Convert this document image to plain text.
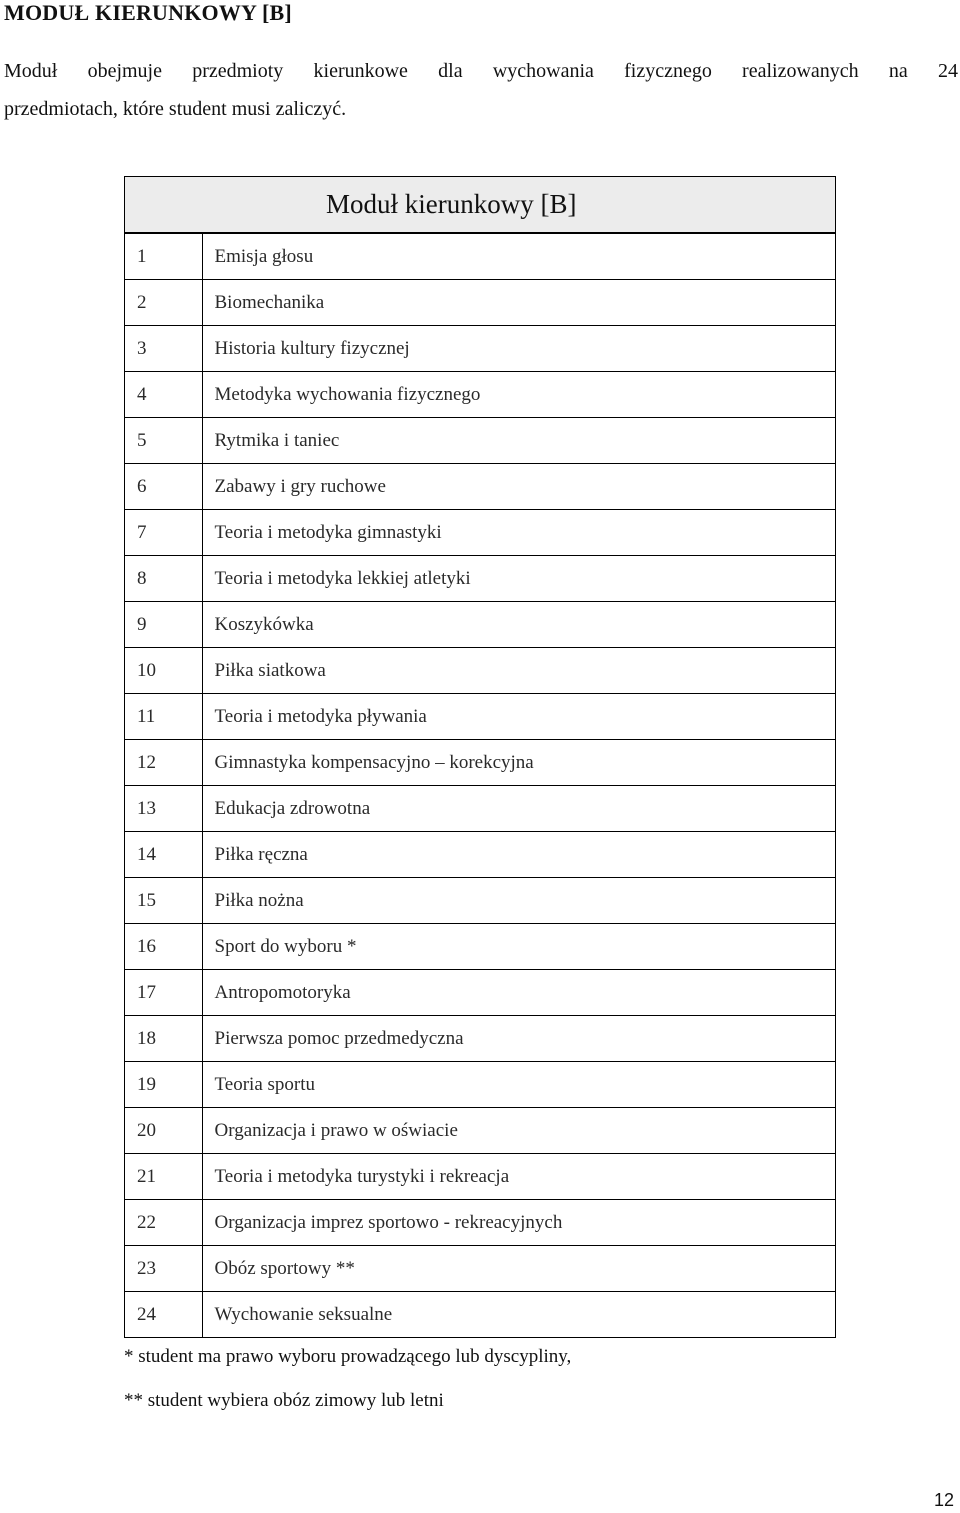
MODUŁ KIERUNKOWY [B]
Moduł obejmuje przedmioty kierunkowe dla wychowania fizycznego realizowanych na 24
przedmiotach, które student musi zaliczyć.
	Moduł kierunkowy [B]
1	Emisja głosu
2	Biomechanika
3	Historia kultury fizycznej
4	Metodyka wychowania fizycznego
5	Rytmika i taniec
6	Zabawy i gry ruchowe
7	Teoria i metodyka gimnastyki
8	Teoria i metodyka lekkiej atletyki
9	Koszykówka
10	Piłka siatkowa
11	Teoria i metodyka pływania
12	Gimnastyka kompensacyjno – korekcyjna
13	Edukacja zdrowotna
14	Piłka ręczna
15	Piłka nożna
16	Sport do wyboru *
17	Antropomotoryka
18	Pierwsza pomoc przedmedyczna
19	Teoria sportu
20	Organizacja i prawo w oświacie
21	Teoria i metodyka turystyki i rekreacja
22	Organizacja imprez sportowo - rekreacyjnych
23	Obóz sportowy **
24	Wychowanie seksualne
* student ma prawo wyboru prowadzącego lub dyscypliny,
** student wybiera obóz zimowy lub letni
12
